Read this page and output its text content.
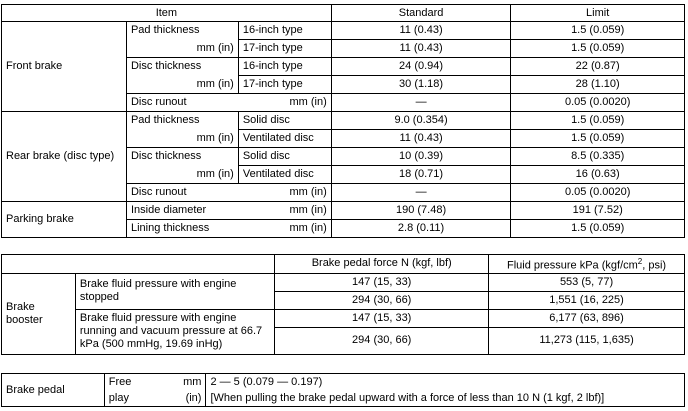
Item			Standard	Limit
Front brake	Pad thickness	16-inch type	11 (0.43)	1.5 (0.059)
	mm (in)	17-inch type	11 (0.43)	1.5 (0.059)
	Disc thickness	16-inch type	24 (0.94)	22 (0.87)
	mm (in)	17-inch type	30 (1.18)	28 (1.10)

	Disc runout mm (in)		—	0.05 (0.0020)
Rear brake (disc type)	Pad thickness	Solid disc	9.0 (0.354)	1.5 (0.059)
	mm (in)	Ventilated disc	11 (0.43)	1.5 (0.059)
	Disc thickness	Solid disc	10 (0.39)	8.5 (0.335)
	mm (in)	Ventilated disc	18 (0.71)	16 (0.63)

	Disc runout mm (in)		—	0.05 (0.0020)
Parking brake	Inside diameter mm (in)		190 (7.48)	191 (7.52)

	Lining thickness mm (in)		2.8 (0.11)	1.5 (0.059)
		Brake pedal force N (kgf, lbf)	Fluid pressure kPa ($kgf/cm^2$, psi)

Brake
booster	Brake fluid pressure with engine stopped	147 (15, 33)	553 (5, 77)
		294 (30, 66)	1,551 (16, 225)
	Brake fluid pressure with engine running and vacuum pressure at 66.7 kPa (500 mmHg, 19.69 inHg)	147 (15, 33)	6,177 (63, 896)
		294 (30, 66)	11,273 (115, 1,635)
Brake pedal	Free mm	2 — 5 (0.079 — 0.197)

	play (in)	[When pulling the brake pedal upward with a force of less than 10 N (1 kgf, 2 lbf)]
